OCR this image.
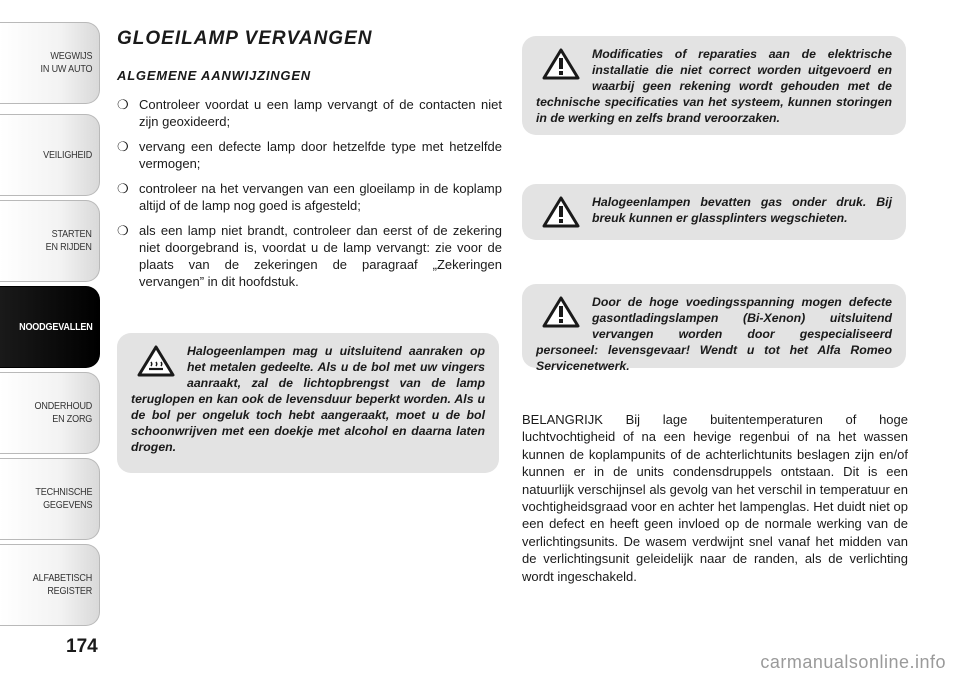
WEGWIJS
IN UW AUTO
VEILIGHEID
STARTEN
EN RIJDEN
NOODGEVALLEN
ONDERHOUD
EN ZORG
TECHNISCHE
GEGEVENS
ALFABETISCH
REGISTER
174
GLOEILAMP VERVANGEN
ALGEMENE AANWIJZINGEN
❍ Controleer voordat u een lamp vervangt of de contacten niet zijn geoxideerd;
❍ vervang een defecte lamp door hetzelfde type met hetzelfde vermogen;
❍ controleer na het vervangen van een gloeilamp in de koplamp altijd of de lamp nog goed is afgesteld;
❍ als een lamp niet brandt, controleer dan eerst of de zekering niet doorgebrand is, voordat u de lamp vervangt: zie voor de plaats van de zekeringen de paragraaf „Zekeringen vervangen” in dit hoofdstuk.
Halogeenlampen mag u uitsluitend aanraken op het metalen gedeelte. Als u de bol met uw vingers aanraakt, zal de lichtopbrengst van de lamp teruglopen en kan ook de levensduur beperkt worden. Als u de bol per ongeluk toch hebt aangeraakt, moet u de bol schoonwrijven met een doekje met alcohol en daarna laten drogen.
Modificaties of reparaties aan de elektrische installatie die niet correct worden uitgevoerd en waarbij geen rekening wordt gehouden met de technische specificaties van het systeem, kunnen storingen in de werking en zelfs brand veroorzaken.
Halogeenlampen bevatten gas onder druk. Bij breuk kunnen er glassplinters wegschieten.
Door de hoge voedingsspanning mogen defecte gasontladingslampen (Bi-Xenon) uitsluitend vervangen worden door gespecialiseerd personeel: levensgevaar! Wendt u tot het Alfa Romeo Servicenetwerk.

BELANGRIJK Bij lage buitentemperaturen of hoge luchtvochtigheid of na een hevige regenbui of na het wassen kunnen de koplampunits of de achterlichtunits beslagen zijn en/of kunnen er in de units condensdruppels ontstaan. Dit is een natuurlijk verschijnsel als gevolg van het verschil in temperatuur en vochtigheidsgraad voor en achter het lampenglas. Het duidt niet op een defect en heeft geen invloed op de normale werking van de verlichtingsunits. De wasem verdwijnt snel vanaf het midden van de verlichtingsunit geleidelijk naar de randen, als de verlichting wordt ingeschakeld.

carmanualsonline.info
